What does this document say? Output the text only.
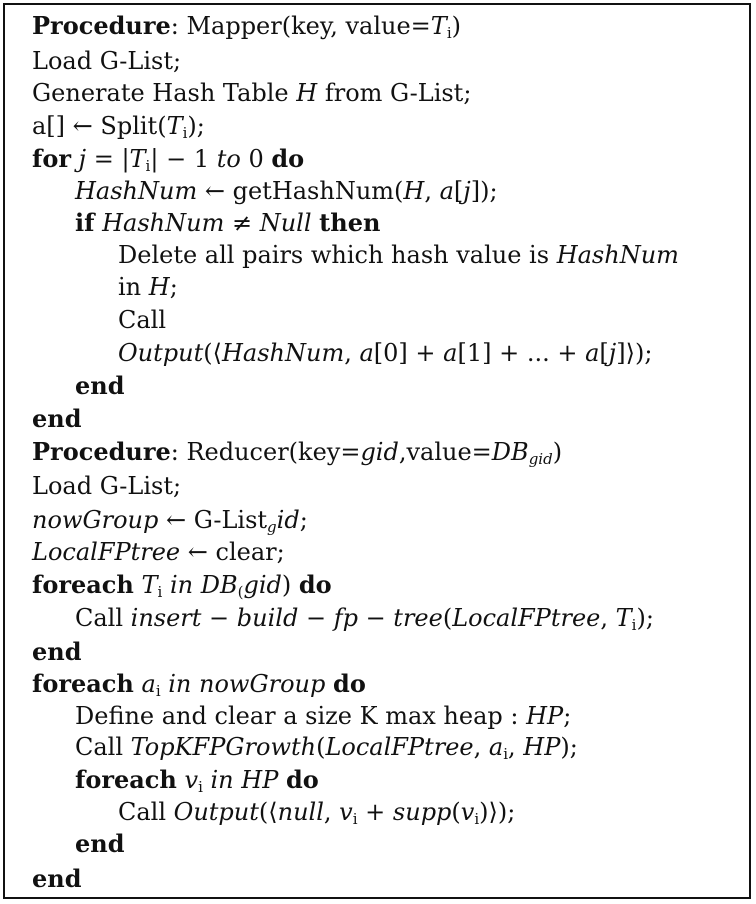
Procedure: Mapper(key, $value=T_i$)
Load G-List;
Generate Hash Table H from G-List;
a[] ← $Split(T_i)$;
for $j = |T_i| - 1$ to 0 do
HashNum ← getHashNum(H, a[j]);
if HashNum ≠ Null then
Delete all pairs which hash value is HashNum
in H;
Call
Output(⟨HashNum, a[0] + a[1] + ... + a[j]⟩);
end
end
Procedure: $Reducer(key=gid,value=DB_{gid})$
Load G-List;
nowGroup ← G-List$_g$id;
LocalFPtree ← clear;
foreach $T_i$ in $DB_(gid$) do
Call insert − build − fp − tree(LocalFPtree, $T_i$);
end
foreach $a_i$ in nowGroup do
Define and clear a size K max heap : HP;
Call TopKFPGrowth(LocalFPtree, $a_i$, HP);
foreach $v_i$ in HP do
Call Output(⟨null, $v_i$ + $supp(v_i)⟩$);
end
end
